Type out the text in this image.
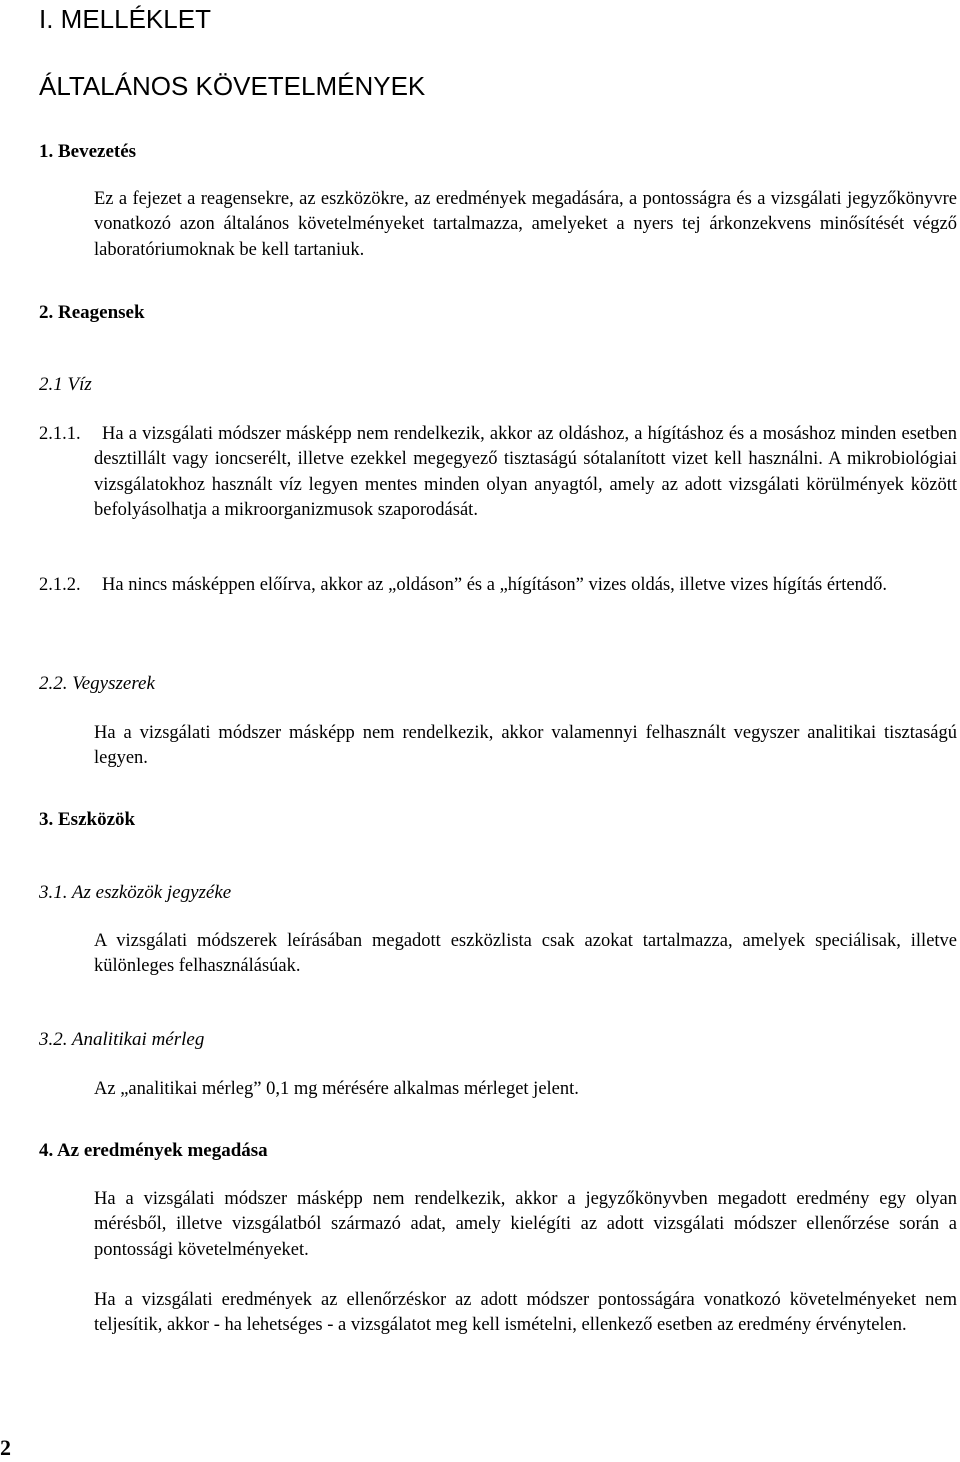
I. MELLÉKLET
ÁLTALÁNOS KÖVETELMÉNYEK
1. Bevezetés
Ez a fejezet a reagensekre, az eszközökre, az eredmények megadására, a pontosságra és a vizsgálati jegyzőkönyvre vonatkozó azon általános követelményeket tartalmazza, amelyeket a nyers tej árkonzekvens minősítését végző laboratóriumoknak be kell tartaniuk.
2. Reagensek
2.1 Víz
2.1.1.	Ha a vizsgálati módszer másképp nem rendelkezik, akkor az oldáshoz, a hígításhoz és a mosáshoz minden esetben desztillált vagy ioncserélt, illetve ezekkel megegyező tisztaságú sótalanított vizet kell használni. A mikrobiológiai vizsgálatokhoz használt víz legyen mentes minden olyan anyagtól, amely az adott vizsgálati körülmények között befolyásolhatja a mikroorganizmusok szaporodását.
2.1.2.	Ha nincs másképpen előírva, akkor az „oldáson” és a „hígításon” vizes oldás, illetve vizes hígítás értendő.
2.2. Vegyszerek
Ha a vizsgálati módszer másképp nem rendelkezik, akkor valamennyi felhasznált vegyszer analitikai tisztaságú legyen.
3. Eszközök
3.1. Az eszközök jegyzéke
A vizsgálati módszerek leírásában megadott eszközlista csak azokat tartalmazza, amelyek speciálisak, illetve különleges felhasználásúak.
3.2. Analitikai mérleg
Az „analitikai mérleg” 0,1 mg mérésére alkalmas mérleget jelent.
4. Az eredmények megadása
Ha a vizsgálati módszer másképp nem rendelkezik, akkor a jegyzőkönyvben megadott eredmény egy olyan mérésből, illetve vizsgálatból származó adat, amely kielégíti az adott vizsgálati módszer ellenőrzése során a pontossági követelményeket.
Ha a vizsgálati eredmények az ellenőrzéskor az adott módszer pontosságára vonatkozó követelményeket nem teljesítik, akkor - ha lehetséges - a vizsgálatot meg kell ismételni, ellenkező esetben az eredmény érvénytelen.
2
